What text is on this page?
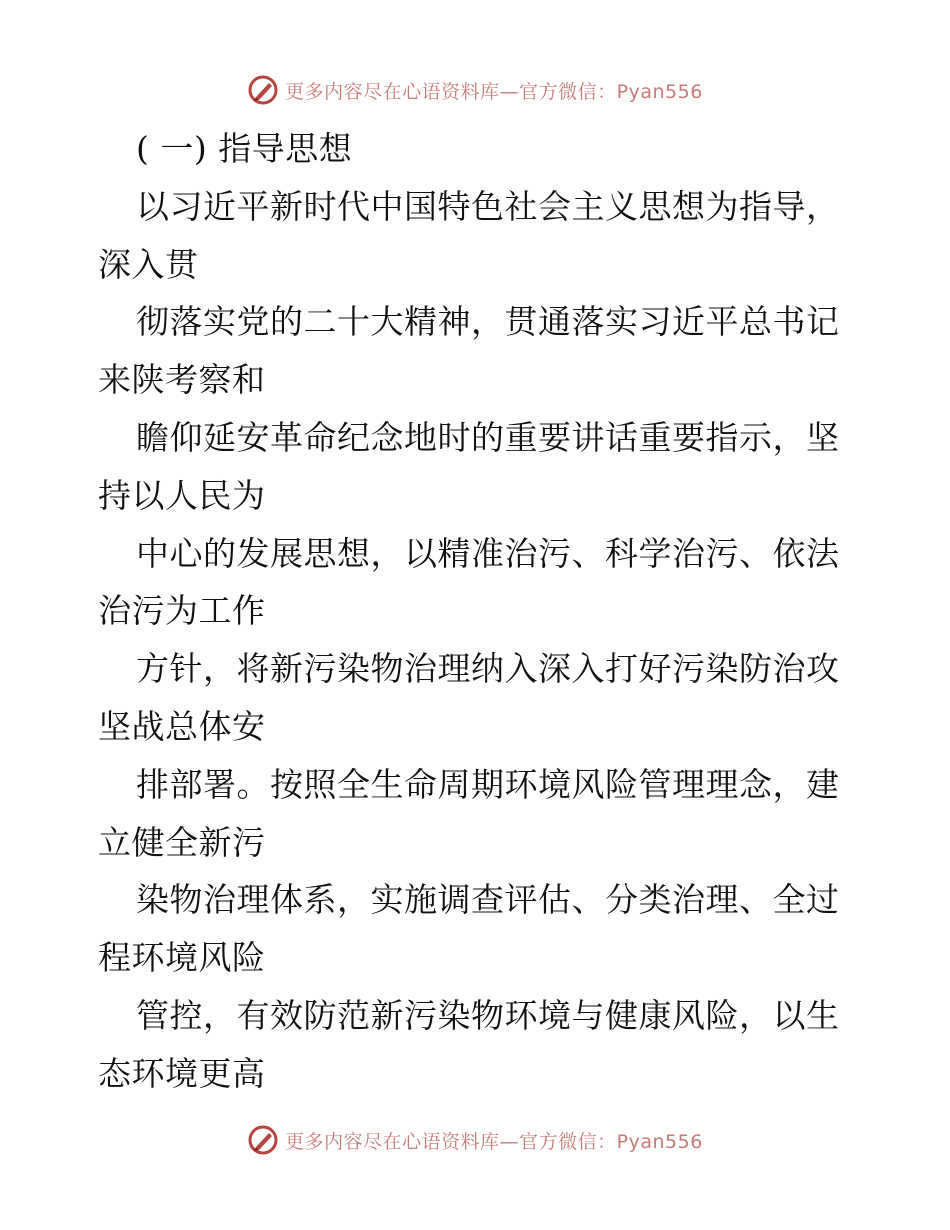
更多内容尽在心语资料库—官方微信：Pyan556
( 一) 指导思想
以习近平新时代中国特色社会主义思想为指导，
深入贯
彻落实党的二十大精神，贯通落实习近平总书记
来陕考察和
瞻仰延安革命纪念地时的重要讲话重要指示，坚
持以人民为
中心的发展思想，以精准治污、科学治污、依法
治污为工作
方针，将新污染物治理纳入深入打好污染防治攻
坚战总体安
排部署。按照全生命周期环境风险管理理念，建
立健全新污
染物治理体系，实施调查评估、分类治理、全过
程环境风险
管控，有效防范新污染物环境与健康风险，以生
态环境更高
更多内容尽在心语资料库—官方微信：Pyan556
